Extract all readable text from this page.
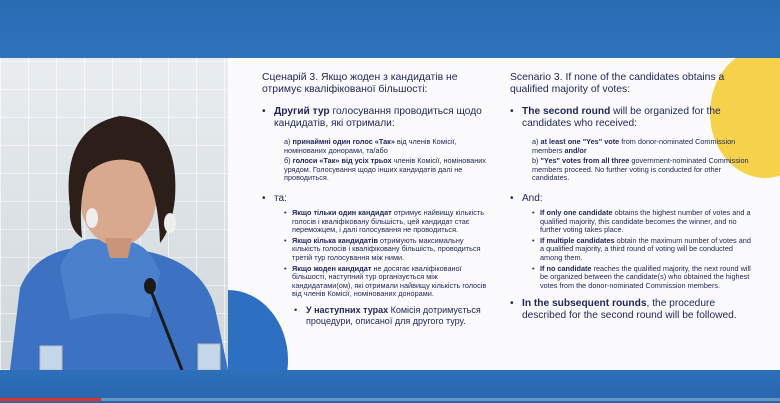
Сценарій 3. Якщо жоден з кандидатів не отримує кваліфікованої більшості:

• Другий тур голосування проводиться щодо кандидатів, які отримали:

а) принаймні один голос «Так» від членів Комісії, номінованих донорами, та/або

б) голоси «Так» від усіх трьох членів Комісії, номінованих урядом. Голосування щодо інших кандидатів далі не проводиться.

• та:

• Якщо тільки один кандидат отримує найвищу кількість голосів і кваліфіковану більшість, цей кандидат стає переможцем, і далі голосування не проводиться.
• Якщо кілька кандидатів отримують максимальну кількість голосів і кваліфіковану більшість, проводиться третій тур голосування між ними.
• Якщо жоден кандидат не досягає кваліфікованої більшості, наступний тур організується між кандидатами(ом), які отримали найвищу кількість голосів від членів Комісії, номінованих донорами.

• У наступних турах Комісія дотримується процедури, описаної для другого туру.

Scenario 3. If none of the candidates obtains a qualified majority of votes:

• The second round will be organized for the candidates who received:

a) at least one "Yes" vote from donor-nominated Commission members and/or

b) "Yes" votes from all three government-nominated Commission members proceed. No further voting is conducted for other candidates.

• And:

• If only one candidate obtains the highest number of votes and a qualified majority, this candidate becomes the winner, and no further voting takes place.
• If multiple candidates obtain the maximum number of votes and a qualified majority, a third round of voting will be conducted among them.
• If no candidate reaches the qualified majority, the next round will be organized between the candidate(s) who obtained the highest votes from the donor-nominated Commission members.

• In the subsequent rounds, the procedure described for the second round will be followed.
